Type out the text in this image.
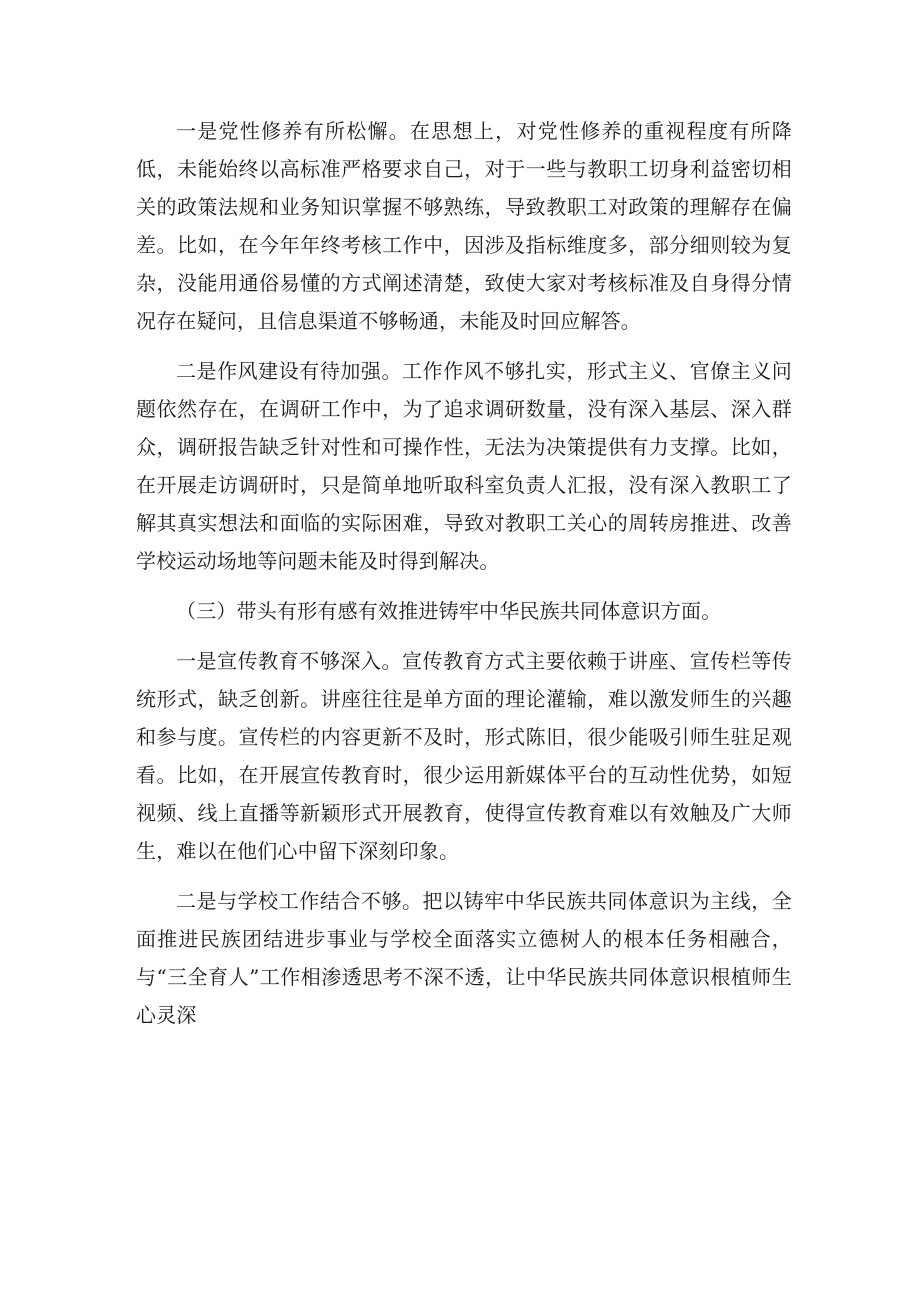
一是党性修养有所松懈。在思想上，对党性修养的重视程度有所降低，未能始终以高标准严格要求自己，对于一些与教职工切身利益密切相关的政策法规和业务知识掌握不够熟练，导致教职工对政策的理解存在偏差。比如，在今年年终考核工作中，因涉及指标维度多，部分细则较为复杂，没能用通俗易懂的方式阐述清楚，致使大家对考核标准及自身得分情况存在疑问，且信息渠道不够畅通，未能及时回应解答。

二是作风建设有待加强。工作作风不够扎实，形式主义、官僚主义问题依然存在，在调研工作中，为了追求调研数量，没有深入基层、深入群众，调研报告缺乏针对性和可操作性，无法为决策提供有力支撑。比如，在开展走访调研时，只是简单地听取科室负责人汇报，没有深入教职工了解其真实想法和面临的实际困难，导致对教职工关心的周转房推进、改善学校运动场地等问题未能及时得到解决。

（三）带头有形有感有效推进铸牢中华民族共同体意识方面。

一是宣传教育不够深入。宣传教育方式主要依赖于讲座、宣传栏等传统形式，缺乏创新。讲座往往是单方面的理论灌输，难以激发师生的兴趣和参与度。宣传栏的内容更新不及时，形式陈旧，很少能吸引师生驻足观看。比如，在开展宣传教育时，很少运用新媒体平台的互动性优势，如短视频、线上直播等新颖形式开展教育，使得宣传教育难以有效触及广大师生，难以在他们心中留下深刻印象。

二是与学校工作结合不够。把以铸牢中华民族共同体意识为主线，全面推进民族团结进步事业与学校全面落实立德树人的根本任务相融合，与“三全育人”工作相渗透思考不深不透，让中华民族共同体意识根植师生心灵深
